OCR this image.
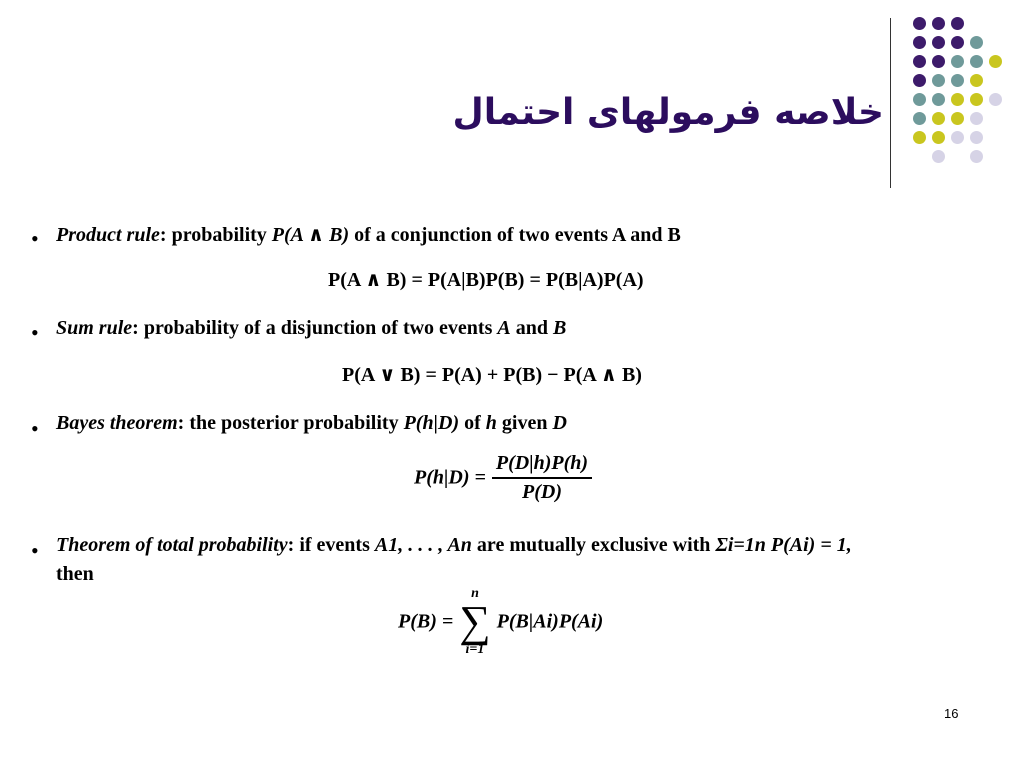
خلاصه فرمولهای احتمال
• Product rule: probability P(A ∧ B) of a conjunction of two events A and B
P(A ∧ B) = P(A|B)P(B) = P(B|A)P(A)
• Sum rule: probability of a disjunction of two events A and B
P(A ∨ B) = P(A) + P(B) − P(A ∧ B)
• Bayes theorem: the posterior probability P(h|D) of h given D
$P(h|D) = \frac{P(D|h)P(h)}{P(D)}$
• Theorem of total probability: if events A1, . . . , An are mutually exclusive with Σi=1n P(Ai) = 1,
then
P(B) =
n
∑
i=1
P(B|Ai)P(Ai)
16
